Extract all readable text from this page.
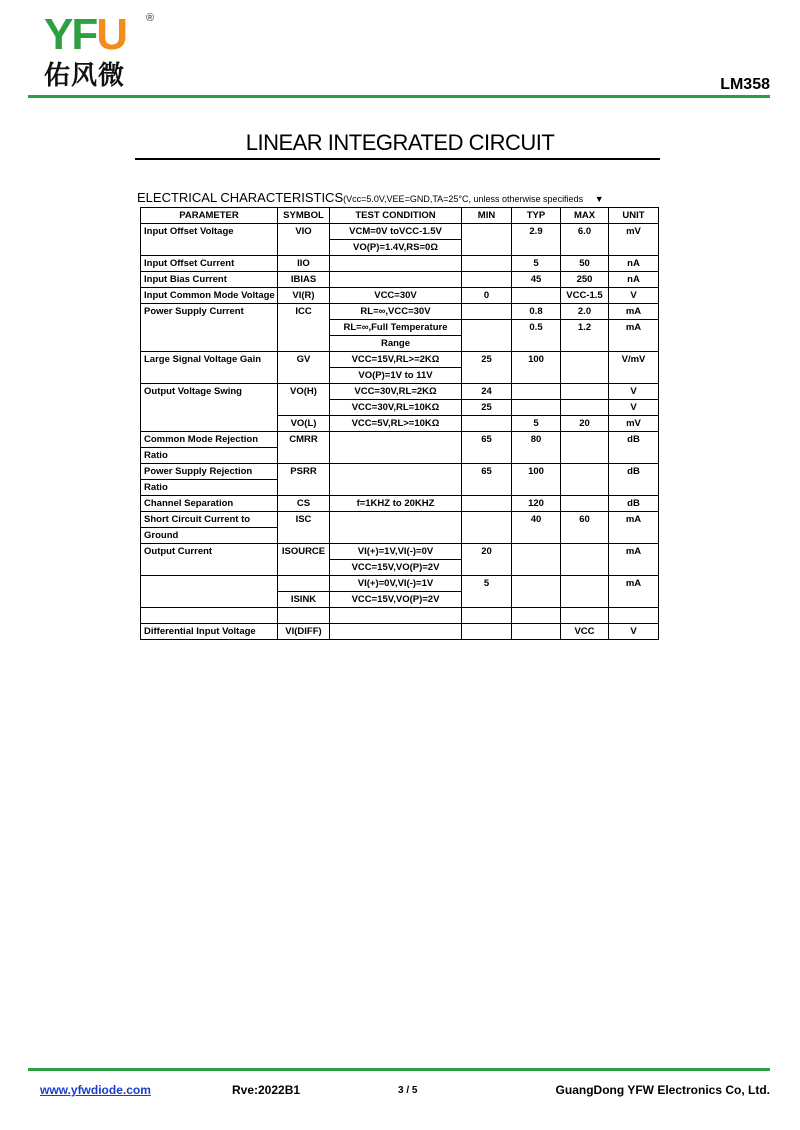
YFU ®
佑风微	LM358
LINEAR INTEGRATED CIRCUIT
ELECTRICAL CHARACTERISTICS(Vcc=5.0V,VEE=GND,TA=25°C, unless otherwise specifieds ▼
PARAMETER	SYMBOL	TEST CONDITION	MIN	TYP	MAX	UNIT
Input Offset Voltage	VIO	VCM=0V toVCC-1.5V		2.9	6.0	mV
		VO(P)=1.4V,RS=0Ω				
Input Offset Current	IIO			5	50	nA
Input Bias Current	IBIAS			45	250	nA
Input Common Mode Voltage	VI(R)	VCC=30V	0		VCC-1.5	V
Power Supply Current	ICC	RL=∞,VCC=30V		0.8	2.0	mA
		RL=∞,Full Temperature		0.5	1.2	mA
		Range				
Large Signal Voltage Gain	GV	VCC=15V,RL>=2KΩ	25	100		V/mV
		VO(P)=1V to 11V				
Output Voltage Swing	VO(H)	VCC=30V,RL=2KΩ	24			V
		VCC=30V,RL=10KΩ	25			V
	VO(L)	VCC=5V,RL>=10KΩ		5	20	mV
Common Mode Rejection	CMRR		65	80		dB
Ratio						
Power Supply Rejection	PSRR		65	100		dB
Ratio						
Channel Separation	CS	f=1KHZ to 20KHZ		120		dB
Short Circuit Current to	ISC			40	60	mA
Ground						
Output Current	ISOURCE	VI(+)=1V,VI(-)=0V	20			mA
		VCC=15V,VO(P)=2V				
		VI(+)=0V,VI(-)=1V	5			mA
	ISINK	VCC=15V,VO(P)=2V				

Differential Input Voltage	VI(DIFF)				VCC	V
www.yfwdiode.com	Rve:2022B1	3 / 5	GuangDong YFW Electronics Co, Ltd.
